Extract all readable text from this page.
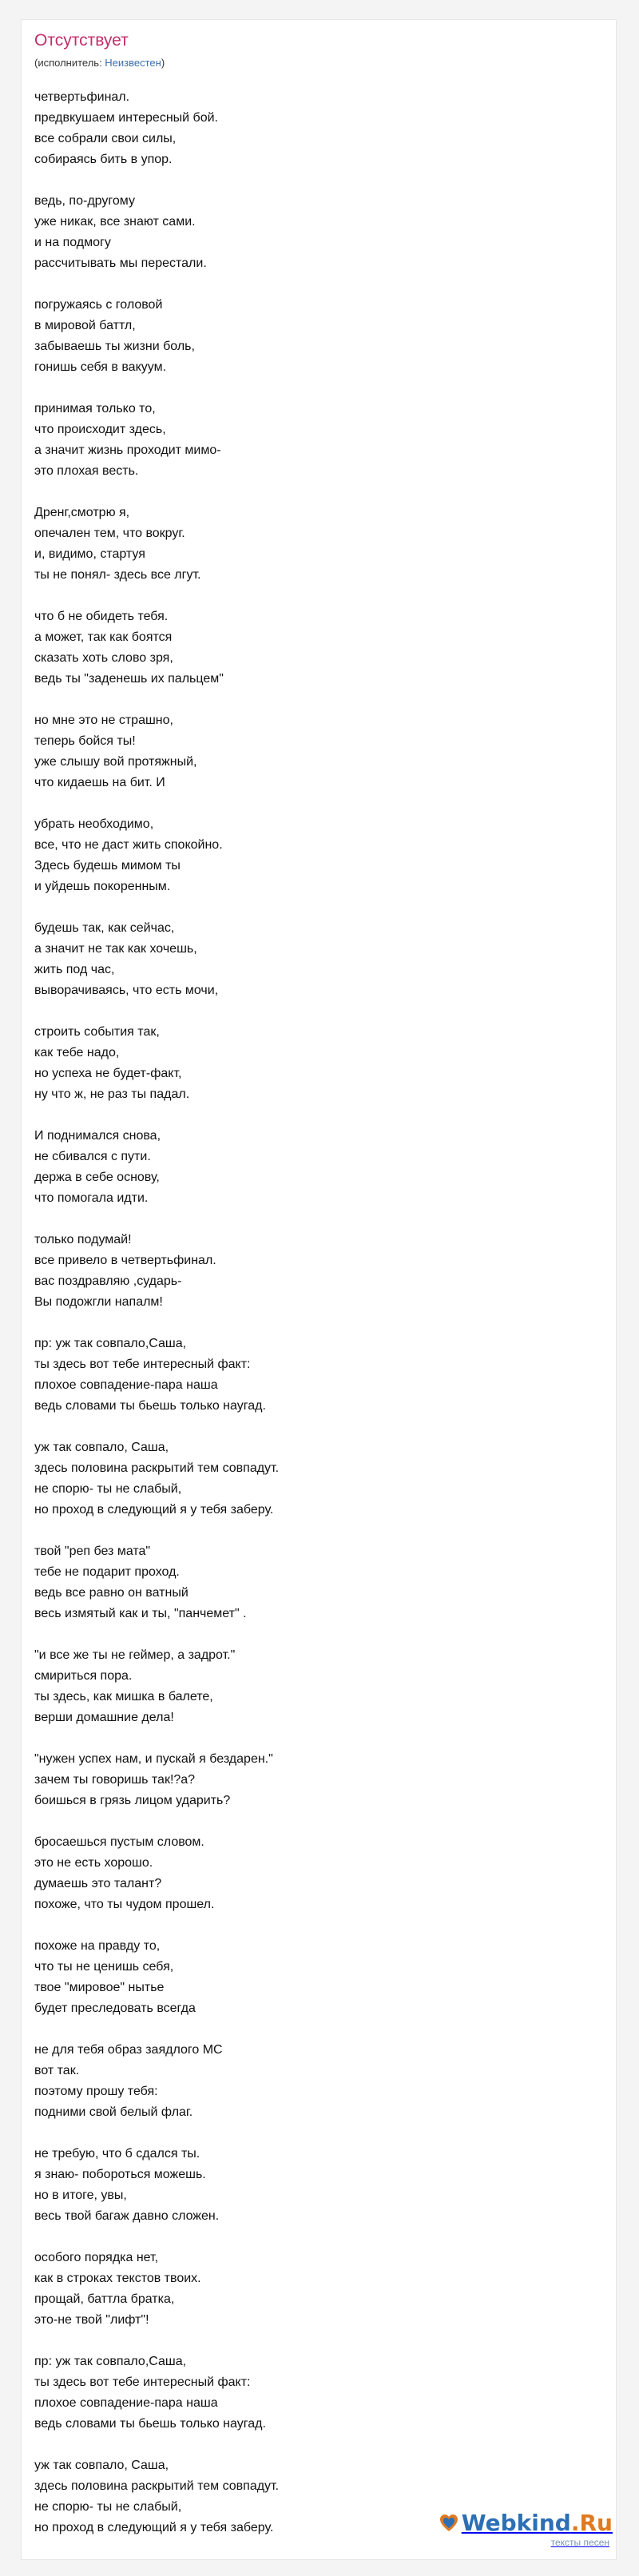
Отсутствует
(исполнитель: Неизвестен)
четвертьфинал.
предвкушаем интересный бой.
все собрали свои силы,
собираясь бить в упор.
ведь, по-другому
уже никак, все знают сами.
и на подмогу
рассчитывать мы перестали.
погружаясь с головой
в мировой баттл,
забываешь ты жизни боль,
гонишь себя в вакуум.
принимая только то,
что происходит здесь,
а значит жизнь проходит мимо-
это плохая весть.
Дренг,смотрю я,
опечален тем, что вокруг.
и, видимо, стартуя
ты не понял- здесь все лгут.
что б не обидеть тебя.
а может, так как боятся
сказать хоть слово зря,
ведь ты "заденешь их пальцем"
но мне это не страшно,
теперь бойся ты!
уже слышу вой протяжный,
что кидаешь на бит. И
убрать необходимо,
все, что не даст жить спокойно.
Здесь будешь мимом ты
и уйдешь покоренным.
будешь так, как сейчас,
а значит не так как хочешь,
жить под час,
выворачиваясь, что есть мочи,
строить события так,
как тебе надо,
но успеха не будет-факт,
ну что ж, не раз ты падал.
И поднимался снова,
не сбивался с пути.
держа в себе основу,
что помогала идти.
только подумай!
все привело в четвертьфинал.
вас поздравляю ,сударь-
Вы подожгли напалм!
пр: уж так совпало,Саша,
ты здесь вот тебе интересный факт:
плохое совпадение-пара наша
ведь словами ты бьешь только наугад.
уж так совпало, Саша,
здесь половина раскрытий тем совпадут.
не спорю- ты не слабый,
но проход в следующий я у тебя заберу.
твой "реп без мата"
тебе не подарит проход.
ведь все равно он ватный
весь измятый как и ты, "панчемет" .
"и все же ты не геймер, а задрот."
смириться пора.
ты здесь, как мишка в балете,
верши домашние дела!
"нужен успех нам, и пускай я бездарен."
зачем ты говоришь так!?а?
боишься в грязь лицом ударить?
бросаешься пустым словом.
это не есть хорошо.
думаешь это талант?
похоже, что ты чудом прошел.
похоже на правду то,
что ты не ценишь себя,
твое "мировое" нытье
будет преследовать всегда
не для тебя образ заядлого МС
вот так.
поэтому прошу тебя:
подними свой белый флаг.
не требую, что б сдался ты.
я знаю- побороться можешь.
но в итоге, увы,
весь твой багаж давно сложен.
особого порядка нет,
как в строках текстов твоих.
прощай, баттла братка,
это-не твой "лифт"!
пр: уж так совпало,Саша,
ты здесь вот тебе интересный факт:
плохое совпадение-пара наша
ведь словами ты бьешь только наугад.
уж так совпало, Саша,
здесь половина раскрытий тем совпадут.
не спорю- ты не слабый,
но проход в следующий я у тебя заберу.	Webkind . Ru
тексты песен
